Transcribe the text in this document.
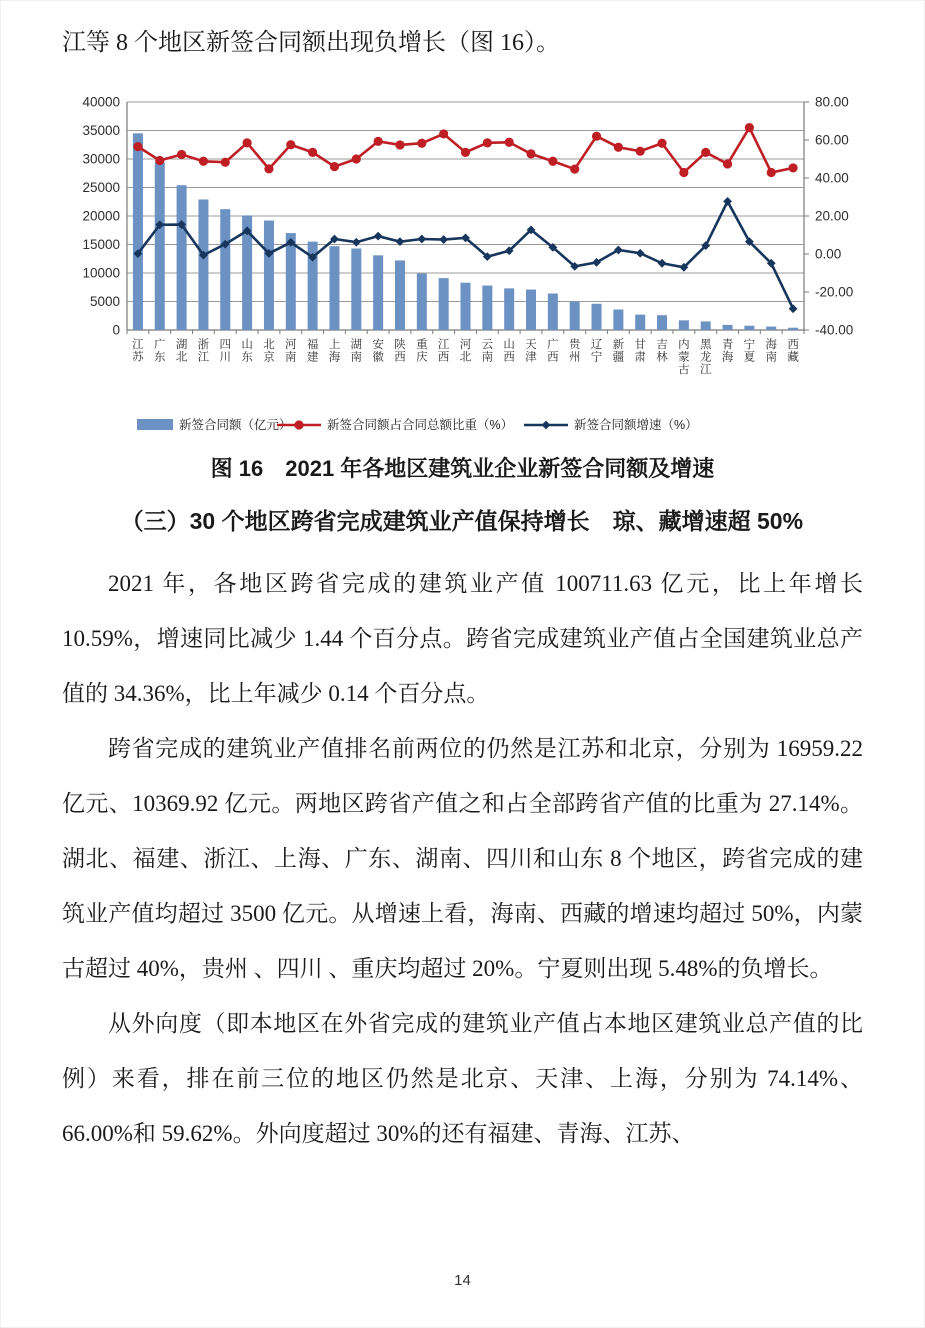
江等 8 个地区新签合同额出现负增长（图 16）。

0
5000
10000
15000
20000
25000
30000
35000
40000
-40.00
-20.00
0.00
20.00
40.00
60.00
80.00
江苏
广东
湖北
浙江
四川
山东
北京
河南
福建
上海
湖南
安徽
陕西
重庆
江西
河北
云南
山西
天津
广西
贵州
辽宁
新疆
甘肃
吉林
内蒙古
黑龙江
青海
宁夏
海南
西藏
新签合同额（亿元）	新签合同额占合同总额比重（%）	新签合同额增速（%）

图 16　2021 年各地区建筑业企业新签合同额及增速

（三）30 个地区跨省完成建筑业产值保持增长　琼、藏增速超 50%

2021 年，各地区跨省完成的建筑业产值 100711.63 亿元，比上年增长 10.59%，增速同比减少 1.44 个百分点。跨省完成建筑业产值占全国建筑业总产值的 34.36%，比上年减少 0.14 个百分点。

跨省完成的建筑业产值排名前两位的仍然是江苏和北京，分别为 16959.22 亿元、10369.92 亿元。两地区跨省产值之和占全部跨省产值的比重为 27.14%。湖北、福建、浙江、上海、广东、湖南、四川和山东 8 个地区，跨省完成的建筑业产值均超过 3500 亿元。从增速上看，海南、西藏的增速均超过 50%，内蒙古超过 40%，贵州 、四川 、重庆均超过 20%。宁夏则出现 5.48%的负增长。

从外向度（即本地区在外省完成的建筑业产值占本地区建筑业总产值的比例）来看，排在前三位的地区仍然是北京、天津、上海，分别为 74.14%、66.00%和 59.62%。外向度超过 30%的还有福建、青海、江苏、

14
